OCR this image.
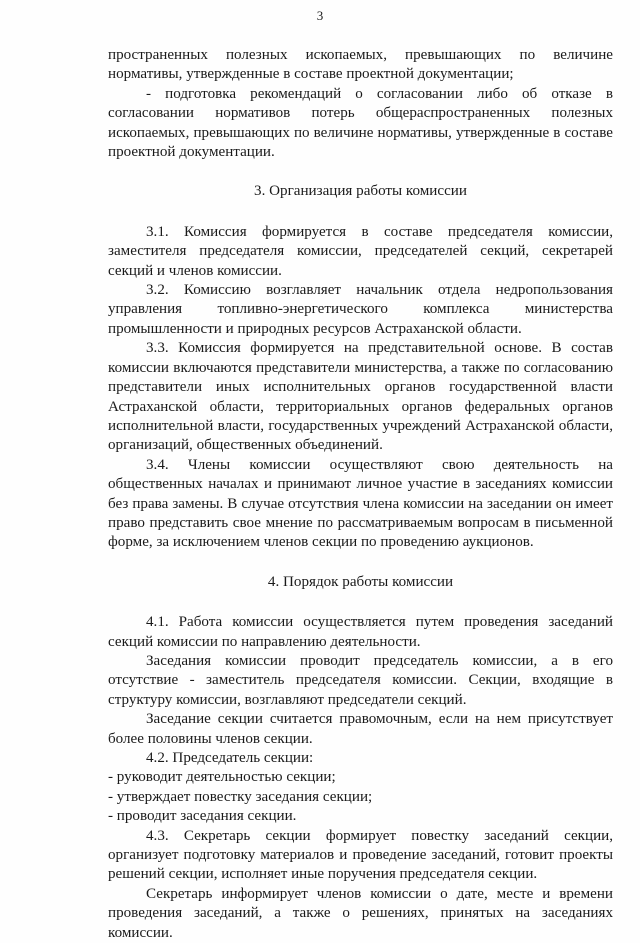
3

пространенных полезных ископаемых, превышающих по величине нормативы, утвержденные в составе проектной документации;

- подготовка рекомендаций о согласовании либо об отказе в согласовании нормативов потерь общераспространенных полезных ископаемых, превышающих по величине нормативы, утвержденные в составе проектной документации.

3. Организация работы комиссии

3.1. Комиссия формируется в составе председателя комиссии, заместителя председателя комиссии, председателей секций, секретарей секций и членов комиссии.

3.2. Комиссию возглавляет начальник отдела недропользования управления топливно-энергетического комплекса министерства промышленности и природных ресурсов Астраханской области.

3.3. Комиссия формируется на представительной основе. В состав комиссии включаются представители министерства, а также по согласованию представители иных исполнительных органов государственной власти Астраханской области, территориальных органов федеральных органов исполнительной власти, государственных учреждений Астраханской области, организаций, общественных объединений.

3.4. Члены комиссии осуществляют свою деятельность на общественных началах и принимают личное участие в заседаниях комиссии без права замены. В случае отсутствия члена комиссии на заседании он имеет право представить свое мнение по рассматриваемым вопросам в письменной форме, за исключением членов секции по проведению аукционов.

4. Порядок работы комиссии

4.1. Работа комиссии осуществляется путем проведения заседаний секций комиссии по направлению деятельности.

Заседания комиссии проводит председатель комиссии, а в его отсутствие - заместитель председателя комиссии. Секции, входящие в структуру комиссии, возглавляют председатели секций.

Заседание секции считается правомочным, если на нем присутствует более половины членов секции.

4.2. Председатель секции:

- руководит деятельностью секции;

- утверждает повестку заседания секции;

- проводит заседания секции.

4.3. Секретарь секции формирует повестку заседаний секции, организует подготовку материалов и проведение заседаний, готовит проекты решений секции, исполняет иные поручения председателя секции.

Секретарь информирует членов комиссии о дате, месте и времени проведения заседаний, а также о решениях, принятых на заседаниях комиссии.
